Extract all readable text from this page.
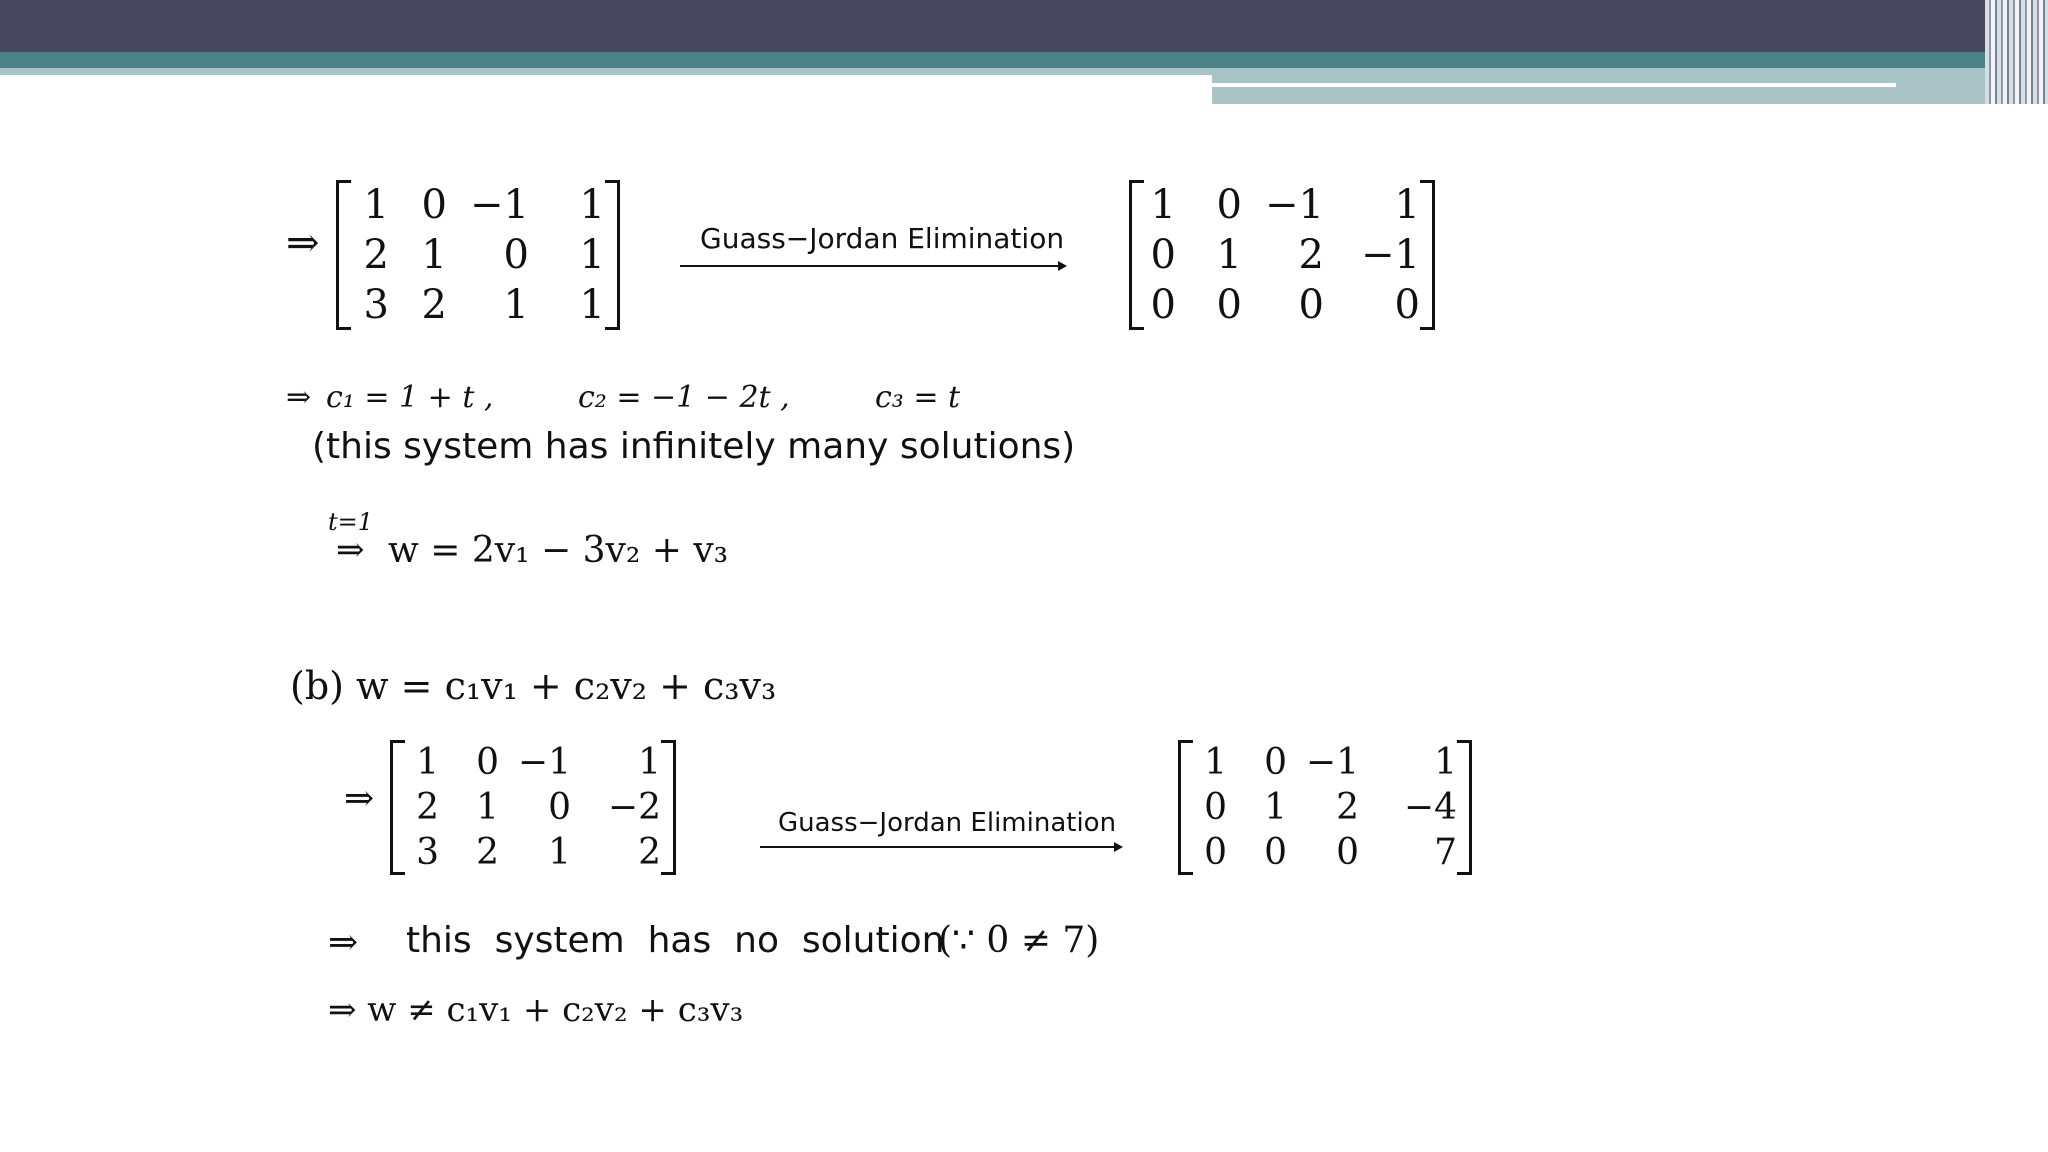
⇒
1 0 −1 1
2 1 0 1
3 2 1 1
Guass−Jordan Elimination
1 0 −1 1
0 1 2 −1
0 0 0 0
⇒ c₁ = 1 + t ,	c₂ = −1 − 2t ,	c₃ = t
(this system has infinitely many solutions)
t=1
⇒ w = 2v₁ − 3v₂ + v₃
(b) w = c₁v₁ + c₂v₂ + c₃v₃
⇒
1 0 −1 1
2 1 0 −2
3 2 1 2
Guass−Jordan Elimination
1 0 −1 1
0 1 2 −4
0 0 0 7
⇒ this  system  has  no  solution
(∵ 0 ≠ 7)
⇒ w ≠ c₁v₁ + c₂v₂ + c₃v₃
